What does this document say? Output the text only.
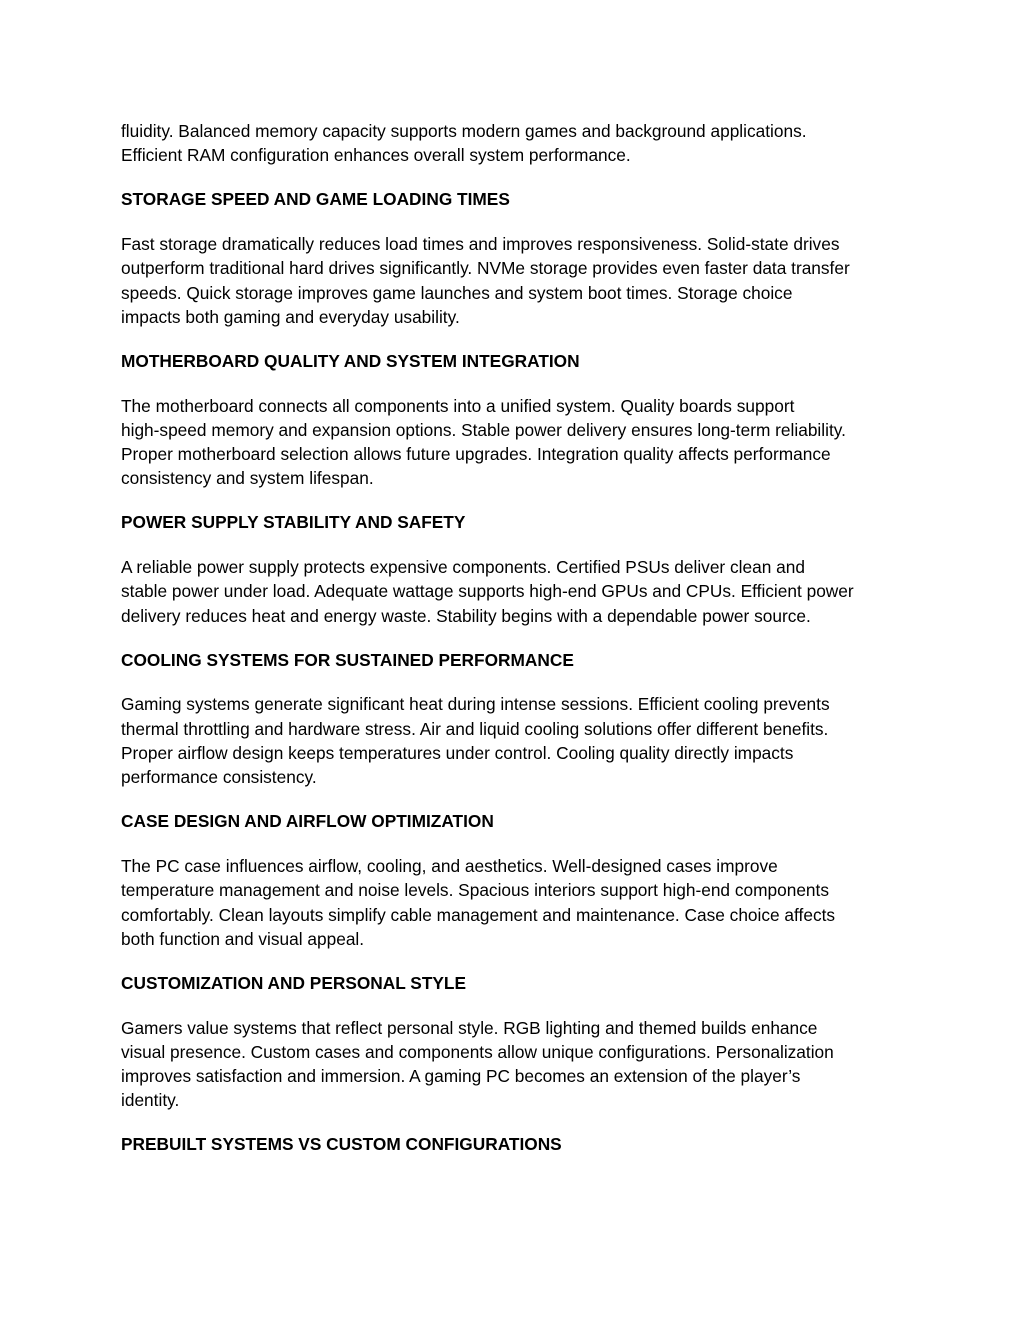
fluidity. Balanced memory capacity supports modern games and background applications.
Efficient RAM configuration enhances overall system performance.

STORAGE SPEED AND GAME LOADING TIMES

Fast storage dramatically reduces load times and improves responsiveness. Solid-state drives
outperform traditional hard drives significantly. NVMe storage provides even faster data transfer
speeds. Quick storage improves game launches and system boot times. Storage choice
impacts both gaming and everyday usability.

MOTHERBOARD QUALITY AND SYSTEM INTEGRATION

The motherboard connects all components into a unified system. Quality boards support
high-speed memory and expansion options. Stable power delivery ensures long-term reliability.
Proper motherboard selection allows future upgrades. Integration quality affects performance
consistency and system lifespan.

POWER SUPPLY STABILITY AND SAFETY

A reliable power supply protects expensive components. Certified PSUs deliver clean and
stable power under load. Adequate wattage supports high-end GPUs and CPUs. Efficient power
delivery reduces heat and energy waste. Stability begins with a dependable power source.

COOLING SYSTEMS FOR SUSTAINED PERFORMANCE

Gaming systems generate significant heat during intense sessions. Efficient cooling prevents
thermal throttling and hardware stress. Air and liquid cooling solutions offer different benefits.
Proper airflow design keeps temperatures under control. Cooling quality directly impacts
performance consistency.

CASE DESIGN AND AIRFLOW OPTIMIZATION

The PC case influences airflow, cooling, and aesthetics. Well-designed cases improve
temperature management and noise levels. Spacious interiors support high-end components
comfortably. Clean layouts simplify cable management and maintenance. Case choice affects
both function and visual appeal.

CUSTOMIZATION AND PERSONAL STYLE

Gamers value systems that reflect personal style. RGB lighting and themed builds enhance
visual presence. Custom cases and components allow unique configurations. Personalization
improves satisfaction and immersion. A gaming PC becomes an extension of the player’s
identity.

PREBUILT SYSTEMS VS CUSTOM CONFIGURATIONS
